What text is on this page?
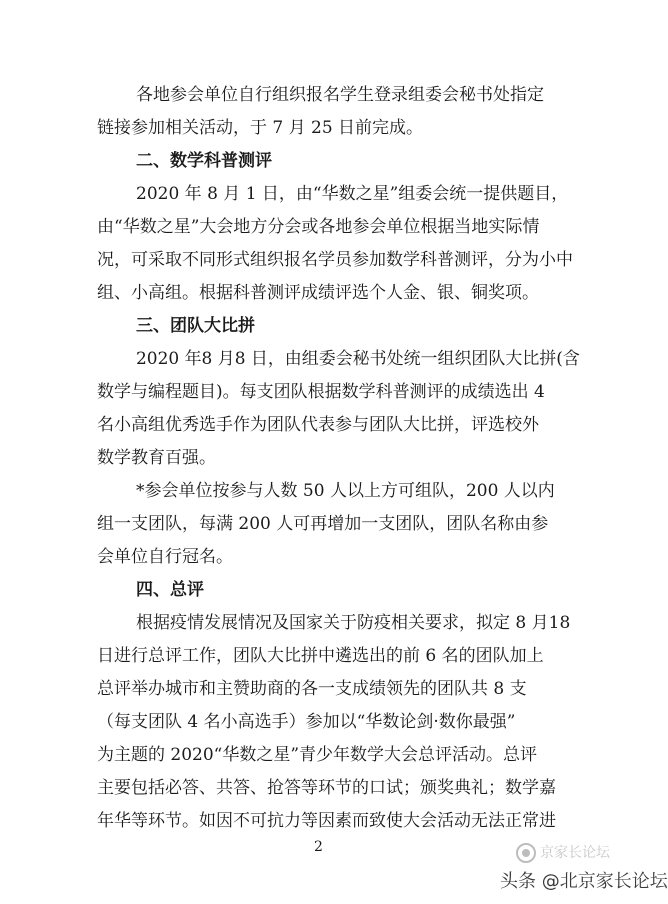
各地参会单位自行组织报名学生登录组委会秘书处指定
链接参加相关活动，于 7 月 25 日前完成。
二、数学科普测评
2020 年 8 月 1 日，由“华数之星”组委会统一提供题目，
由“华数之星”大会地方分会或各地参会单位根据当地实际情
况，可采取不同形式组织报名学员参加数学科普测评，分为小中
组、小高组。根据科普测评成绩评选个人金、银、铜奖项。
三、团队大比拼
2020 年8 月8 日，由组委会秘书处统一组织团队大比拼(含
数学与编程题目)。每支团队根据数学科普测评的成绩选出 4
名小高组优秀选手作为团队代表参与团队大比拼，评选校外
数学教育百强。
*参会单位按参与人数 50 人以上方可组队，200 人以内
组一支团队，每满 200 人可再增加一支团队，团队名称由参
会单位自行冠名。
四、总评
根据疫情发展情况及国家关于防疫相关要求，拟定 8 月18
日进行总评工作，团队大比拼中遴选出的前 6 名的团队加上
总评举办城市和主赞助商的各一支成绩领先的团队共 8 支
（每支团队 4 名小高选手）参加以“华数论剑·数你最强”
为主题的 2020“华数之星”青少年数学大会总评活动。总评
主要包括必答、共答、抢答等环节的口试；颁奖典礼；数学嘉
年华等环节。如因不可抗力等因素而致使大会活动无法正常进
2	京家长论坛
头条 @北京家长论坛
